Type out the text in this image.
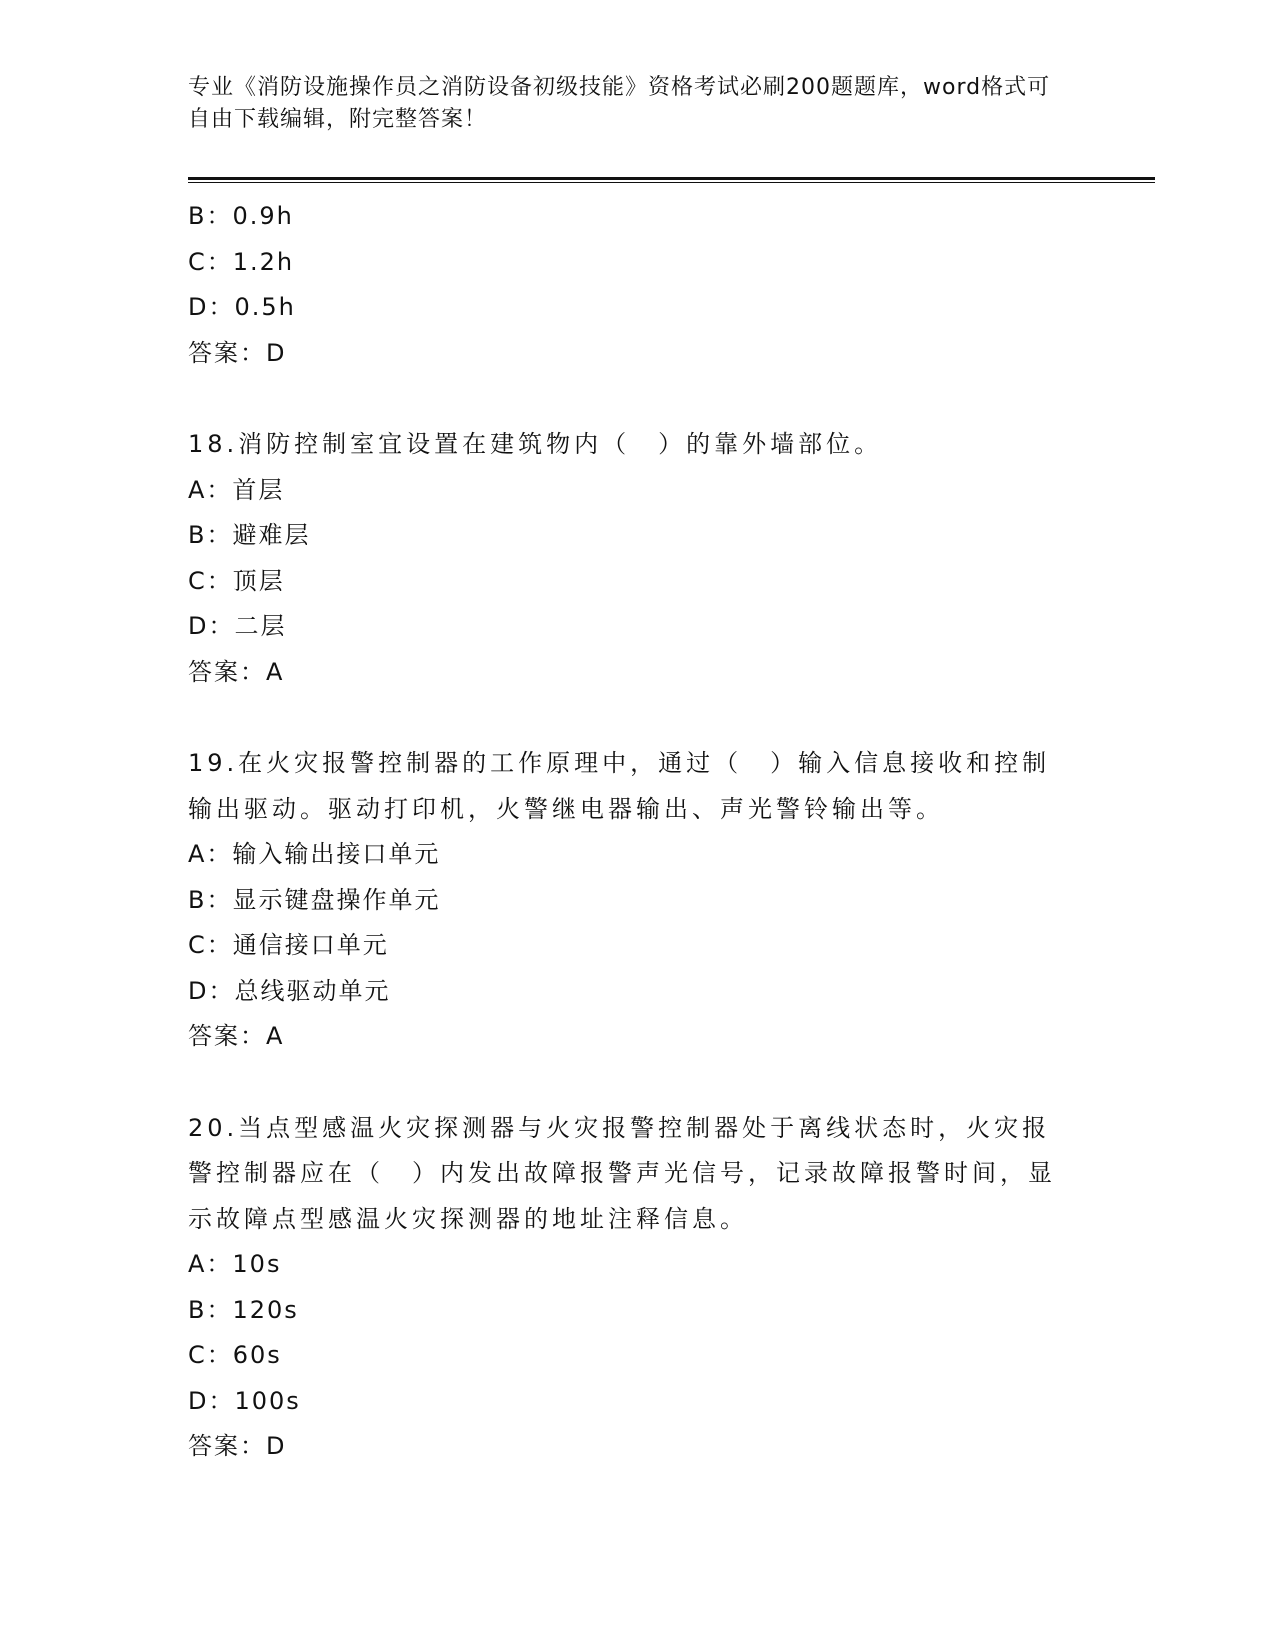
专业《消防设施操作员之消防设备初级技能》资格考试必刷200题题库，word格式可自由下载编辑，附完整答案！
B：0.9h
C：1.2h
D：0.5h
答案：D
18.消防控制室宜设置在建筑物内（　）的靠外墙部位。
A：首层
B：避难层
C：顶层
D：二层
答案：A
19.在火灾报警控制器的工作原理中，通过（　）输入信息接收和控制输出驱动。驱动打印机，火警继电器输出、声光警铃输出等。
A：输入输出接口单元
B：显示键盘操作单元
C：通信接口单元
D：总线驱动单元
答案：A
20.当点型感温火灾探测器与火灾报警控制器处于离线状态时，火灾报警控制器应在（　）内发出故障报警声光信号，记录故障报警时间，显示故障点型感温火灾探测器的地址注释信息。
A：10s
B：120s
C：60s
D：100s
答案：D
